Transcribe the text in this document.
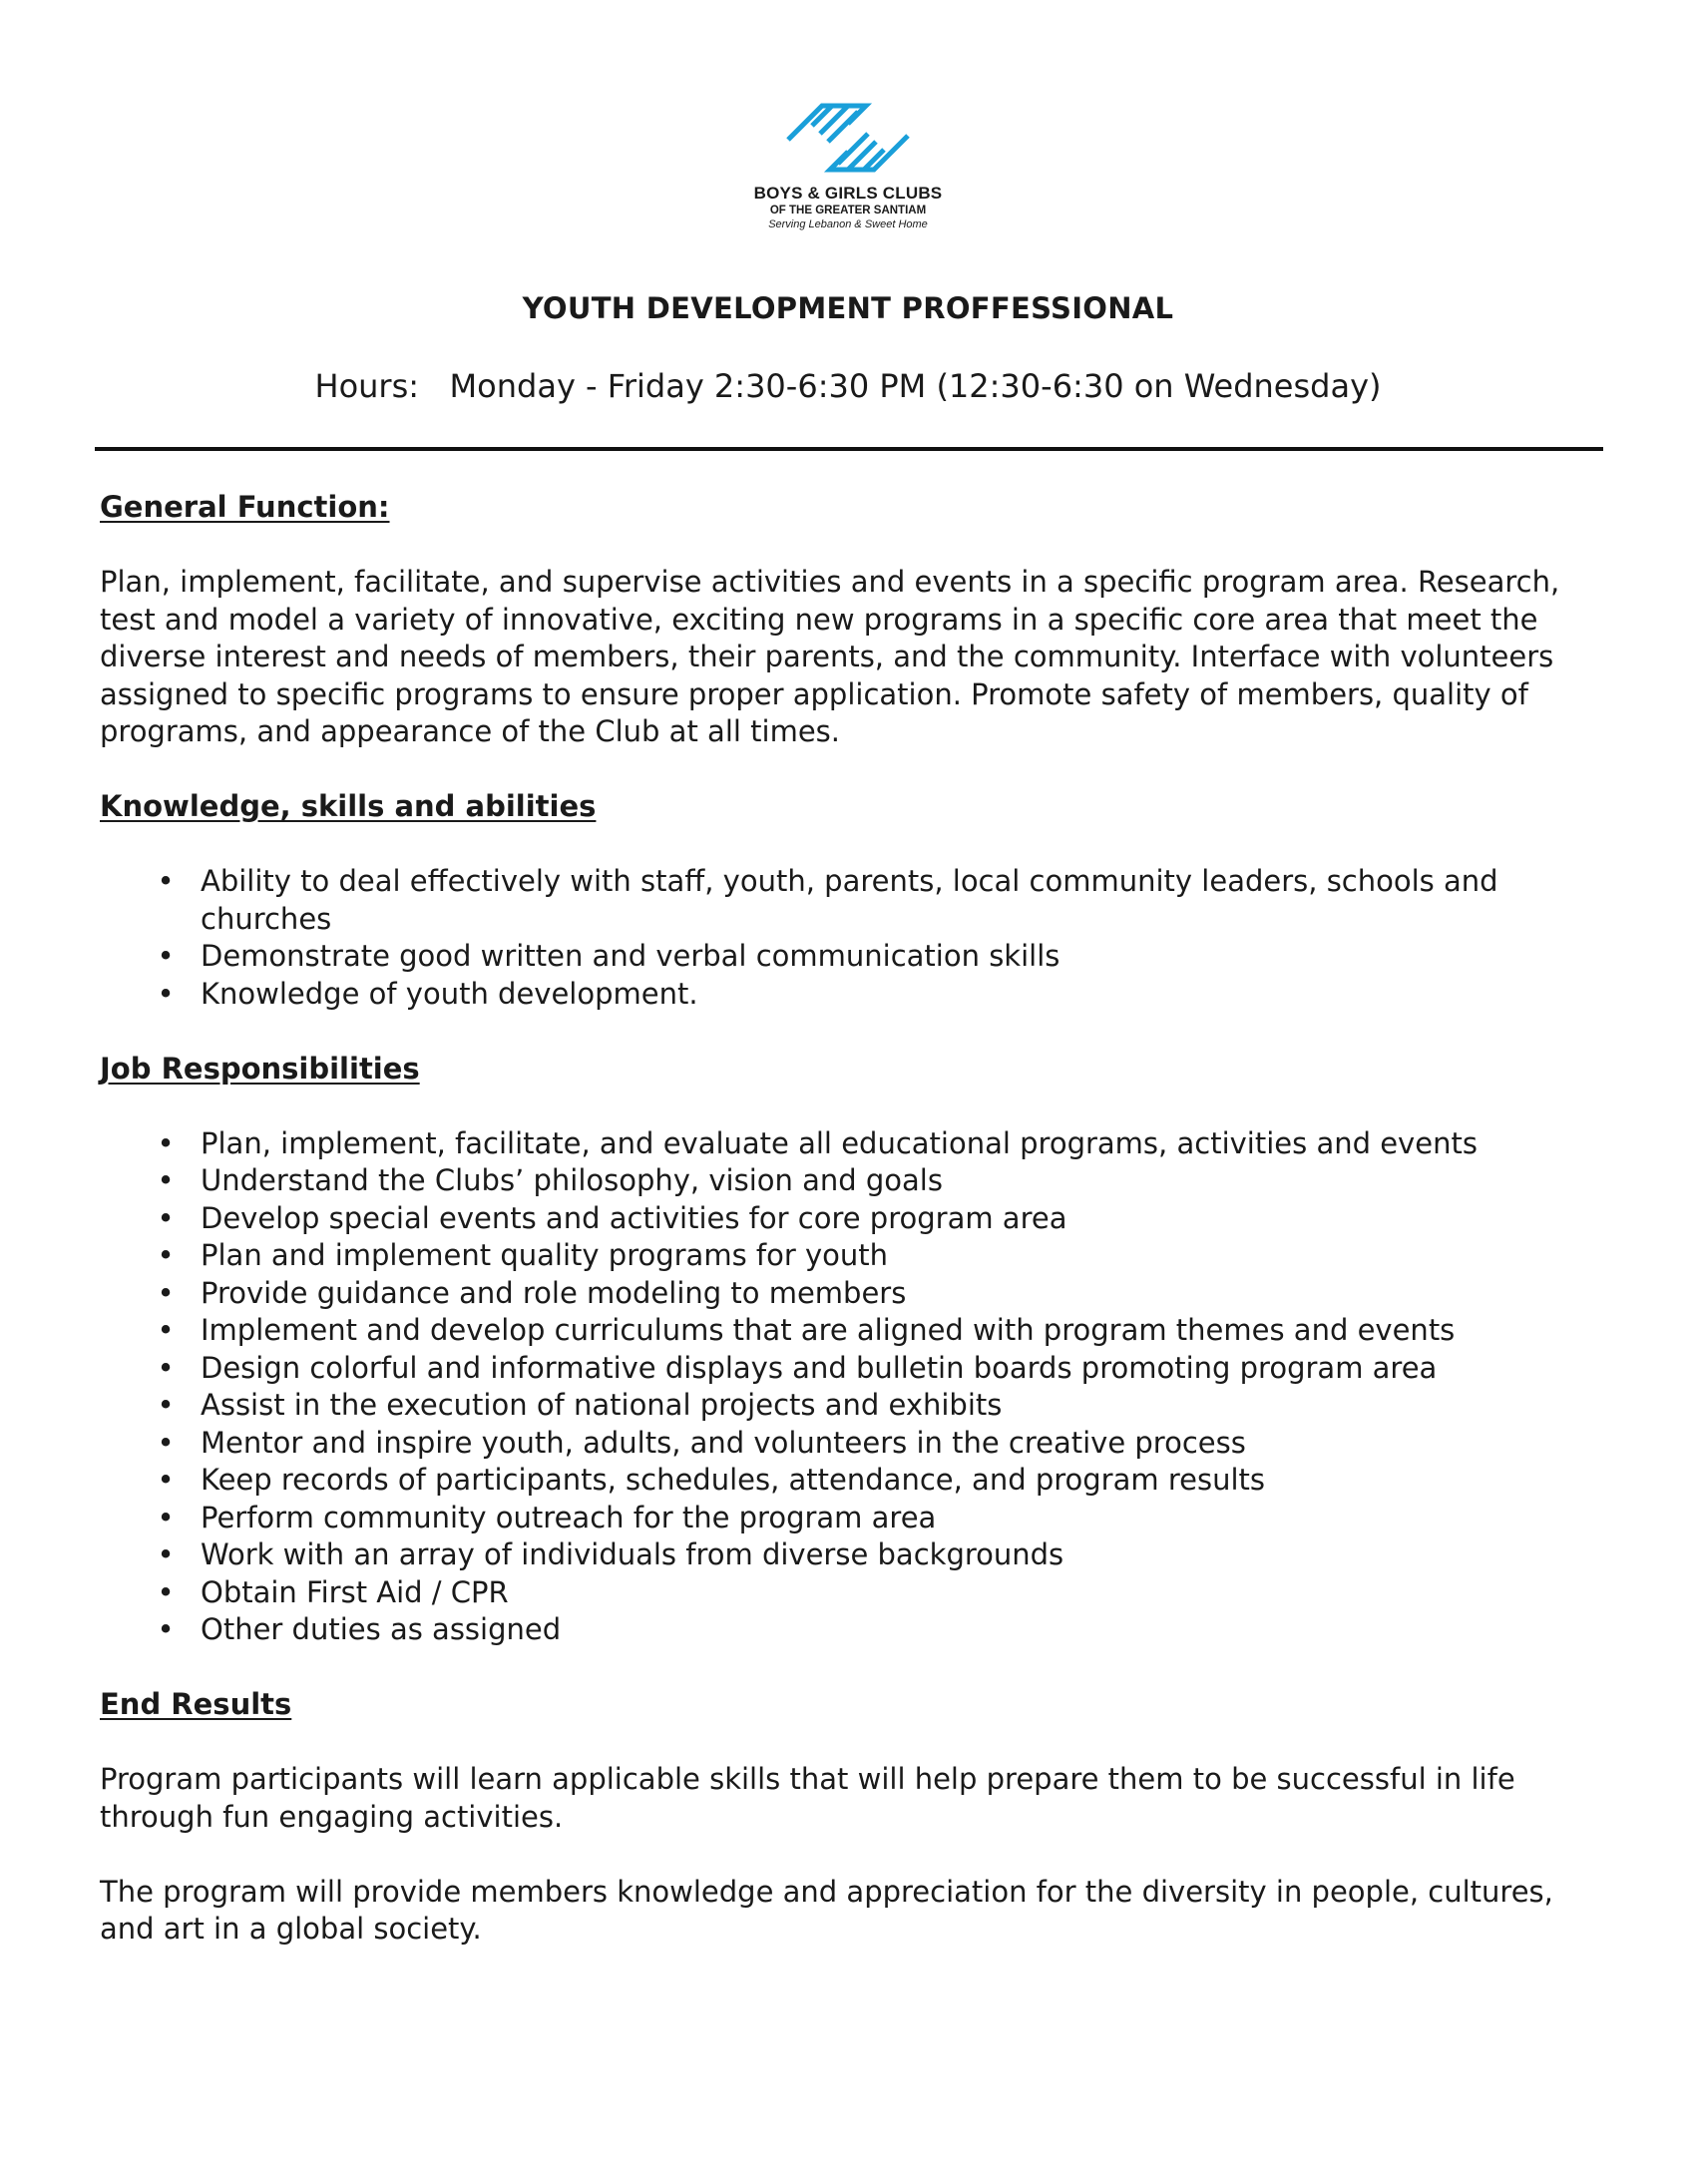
BOYS & GIRLS CLUBS
OF THE GREATER SANTIAM
Serving Lebanon & Sweet Home
YOUTH DEVELOPMENT PROFFESSIONAL
Hours:   Monday - Friday 2:30-6:30 PM (12:30-6:30 on Wednesday)

General Function:

Plan, implement, facilitate, and supervise activities and events in a specific program area. Research,
test and model a variety of innovative, exciting new programs in a specific core area that meet the
diverse interest and needs of members, their parents, and the community. Interface with volunteers
assigned to specific programs to ensure proper application. Promote safety of members, quality of
programs, and appearance of the Club at all times.

Knowledge, skills and abilities

• Ability to deal effectively with staff, youth, parents, local community leaders, schools and
churches
• Demonstrate good written and verbal communication skills
• Knowledge of youth development.

Job Responsibilities

• Plan, implement, facilitate, and evaluate all educational programs, activities and events
• Understand the Clubs’ philosophy, vision and goals
• Develop special events and activities for core program area
• Plan and implement quality programs for youth
• Provide guidance and role modeling to members
• Implement and develop curriculums that are aligned with program themes and events
• Design colorful and informative displays and bulletin boards promoting program area
• Assist in the execution of national projects and exhibits
• Mentor and inspire youth, adults, and volunteers in the creative process
• Keep records of participants, schedules, attendance, and program results
• Perform community outreach for the program area
• Work with an array of individuals from diverse backgrounds
• Obtain First Aid / CPR
• Other duties as assigned

End Results

Program participants will learn applicable skills that will help prepare them to be successful in life
through fun engaging activities.
The program will provide members knowledge and appreciation for the diversity in people, cultures,
and art in a global society.
